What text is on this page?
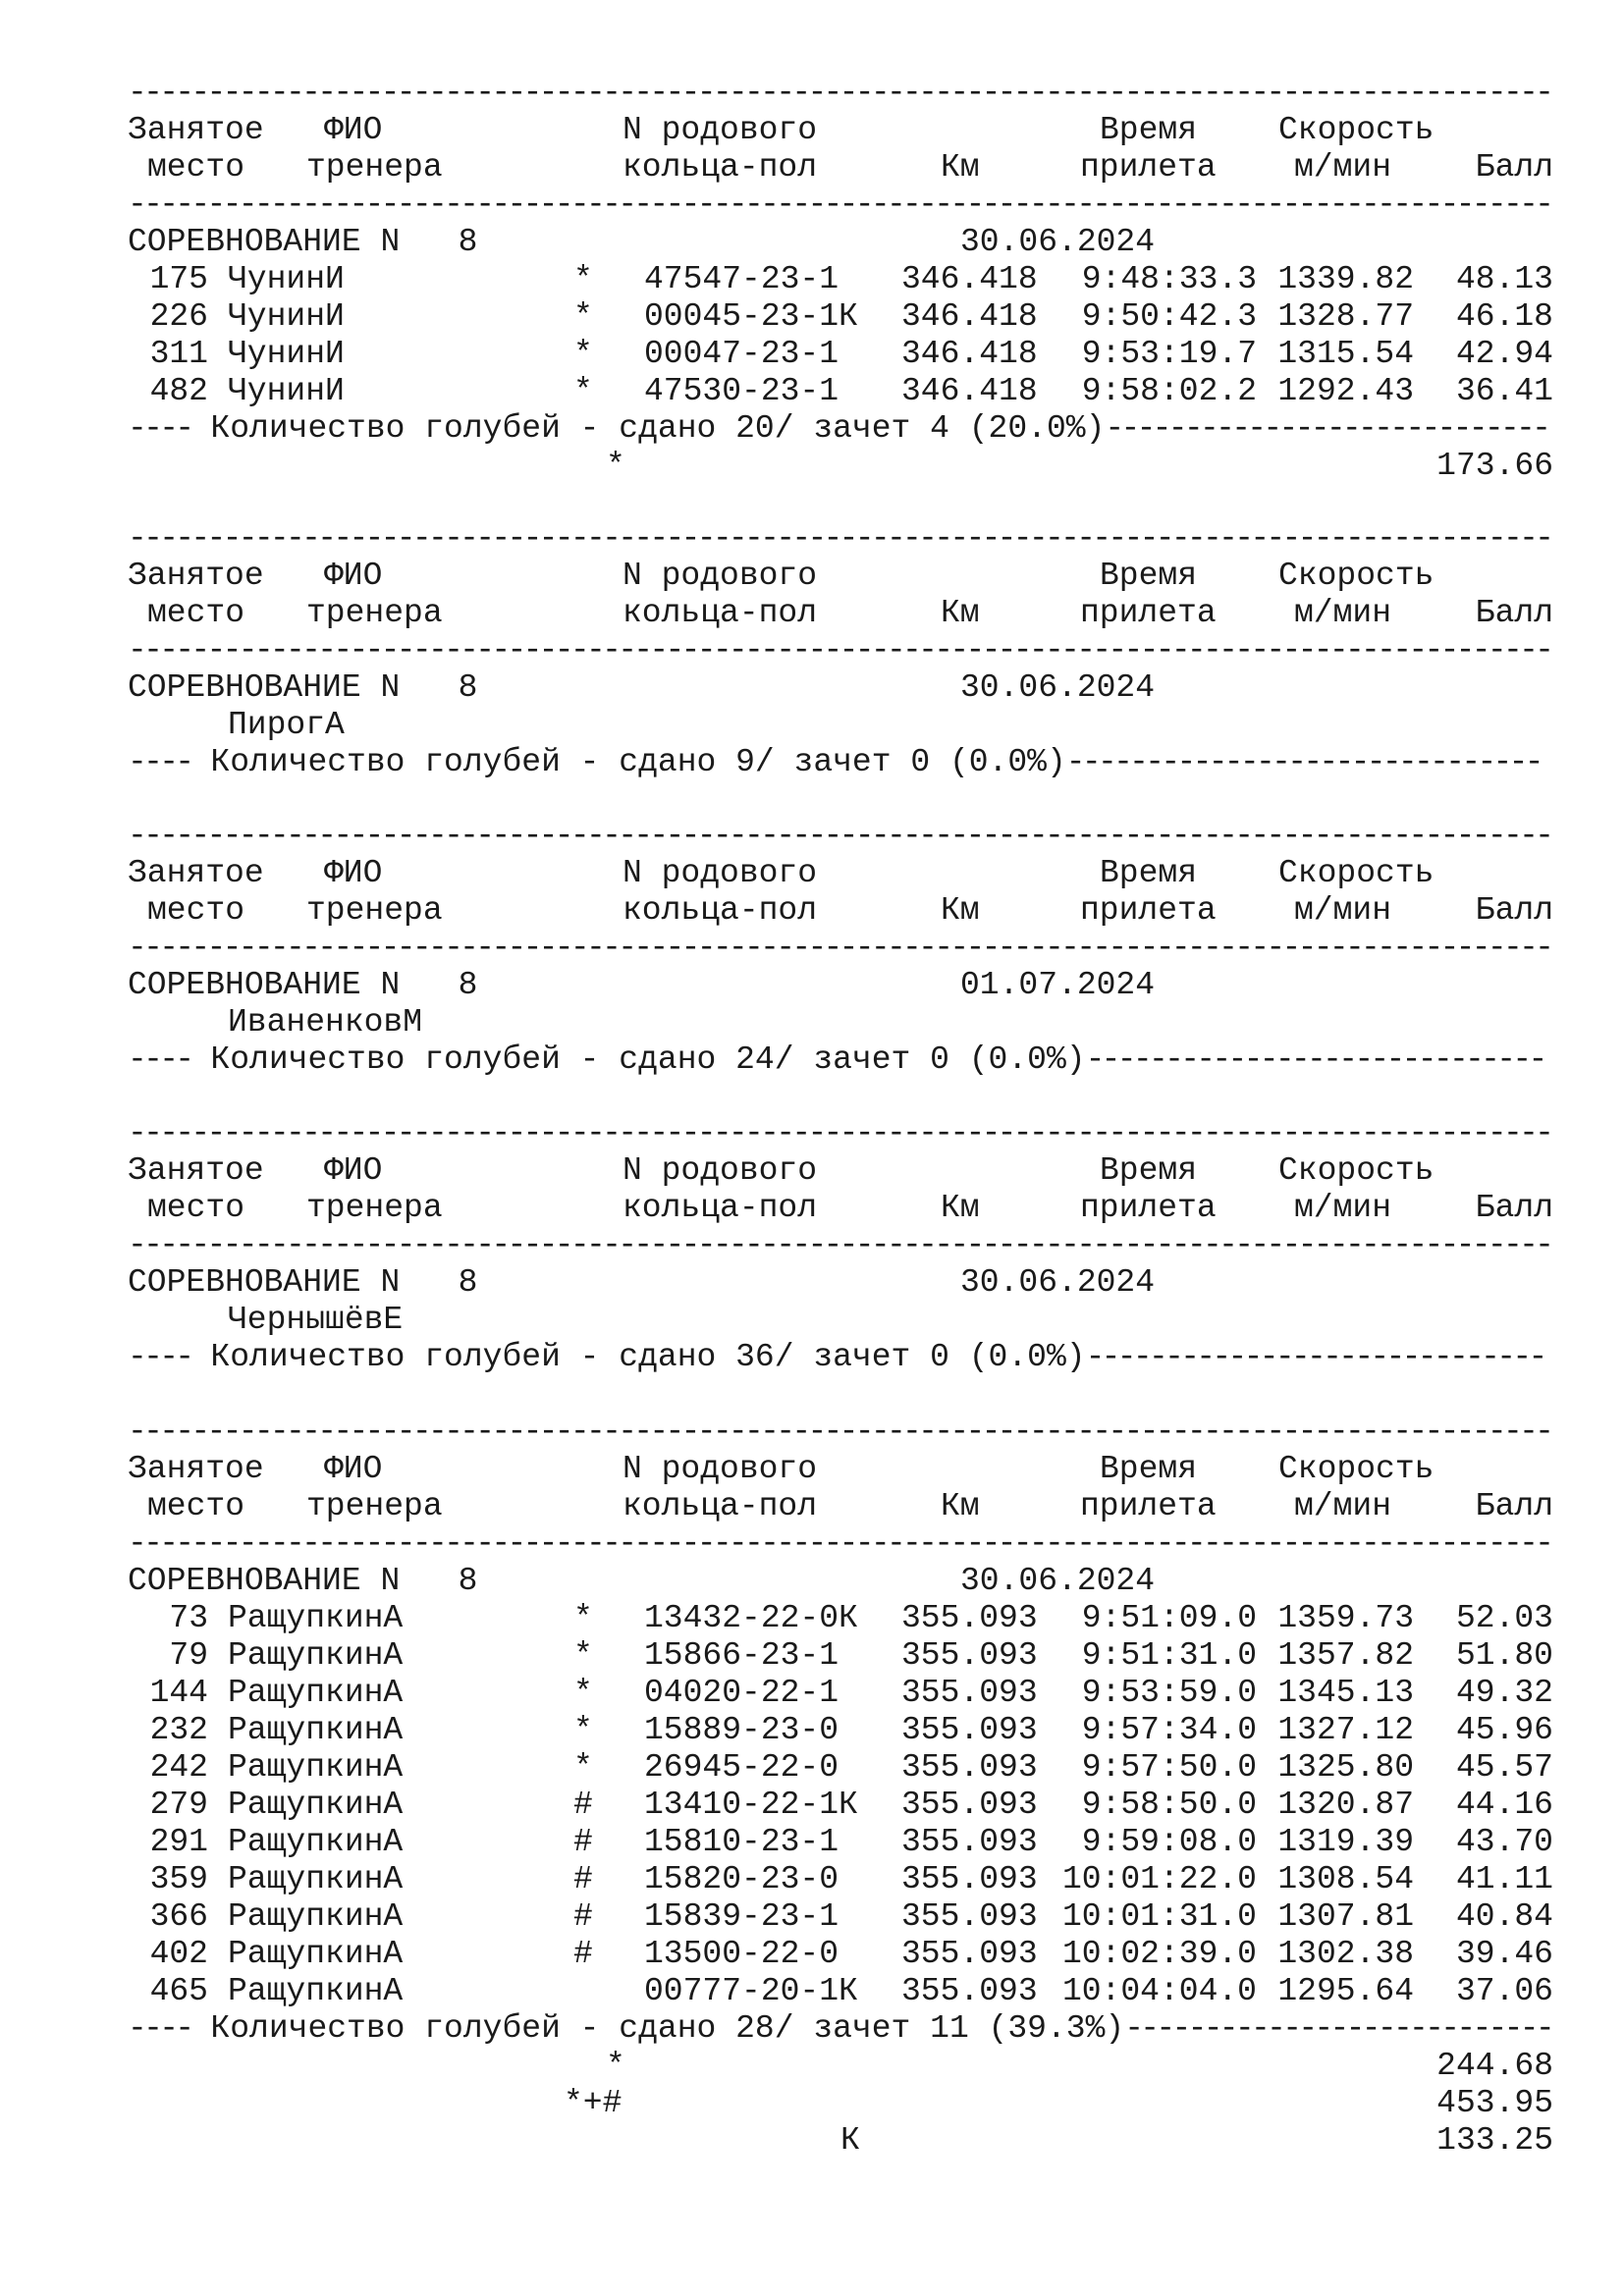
------------------------------------------------------------------------------------------
Занятое ФИО	N родового	Время	Скорость
место тренера	кольца-пол	Км	прилета м/мин	Балл
------------------------------------------------------------------------------------------
СОРЕВНОВАНИЕ N   8	30.06.2024
175 ЧунинИ	* 47547-23-1 346.418 9:48:33.3 1339.82 48.13
226 ЧунинИ	* 00045-23-1К 346.418 9:50:42.3 1328.77 46.18
311 ЧунинИ	* 00047-23-1 346.418 9:53:19.7 1315.54 42.94
482 ЧунинИ	* 47530-23-1 346.418 9:58:02.2 1292.43 36.41
---- Количество голубей - сдано 20/ зачет 4 (20.0%) ----------------------------
*	173.66
------------------------------------------------------------------------------------------
Занятое ФИО	N родового	Время	Скорость
место тренера	кольца-пол	Км	прилета м/мин	Балл
------------------------------------------------------------------------------------------
СОРЕВНОВАНИЕ N   8	30.06.2024
ПирогА
---- Количество голубей - сдано 9/ зачет 0 (0.0%) ------------------------------
------------------------------------------------------------------------------------------
Занятое ФИО	N родового	Время	Скорость
место тренера	кольца-пол	Км	прилета м/мин	Балл
------------------------------------------------------------------------------------------
СОРЕВНОВАНИЕ N   8	01.07.2024
ИваненковМ
---- Количество голубей - сдано 24/ зачет 0 (0.0%) -----------------------------
------------------------------------------------------------------------------------------
Занятое ФИО	N родового	Время	Скорость
место тренера	кольца-пол	Км	прилета м/мин	Балл
------------------------------------------------------------------------------------------
СОРЕВНОВАНИЕ N   8	30.06.2024
ЧернышёвЕ
---- Количество голубей - сдано 36/ зачет 0 (0.0%) -----------------------------
------------------------------------------------------------------------------------------
Занятое ФИО	N родового	Время	Скорость
место тренера	кольца-пол	Км	прилета м/мин	Балл
------------------------------------------------------------------------------------------
СОРЕВНОВАНИЕ N   8	30.06.2024
73 РащупкинА	* 13432-22-0К 355.093 9:51:09.0 1359.73 52.03
79 РащупкинА	* 15866-23-1 355.093 9:51:31.0 1357.82 51.80
144 РащупкинА	* 04020-22-1 355.093 9:53:59.0 1345.13 49.32
232 РащупкинА	* 15889-23-0 355.093 9:57:34.0 1327.12 45.96
242 РащупкинА	* 26945-22-0 355.093 9:57:50.0 1325.80 45.57
279 РащупкинА	# 13410-22-1К 355.093 9:58:50.0 1320.87 44.16
291 РащупкинА	# 15810-23-1 355.093 9:59:08.0 1319.39 43.70
359 РащупкинА	# 15820-23-0 355.093 10:01:22.0 1308.54 41.11
366 РащупкинА	# 15839-23-1 355.093 10:01:31.0 1307.81 40.84
402 РащупкинА	# 13500-22-0 355.093 10:02:39.0 1302.38 39.46
465 РащупкинА	00777-20-1К 355.093 10:04:04.0 1295.64 37.06
---- Количество голубей - сдано 28/ зачет 11 (39.3%) ---------------------------
*	244.68
*+#	453.95
К	133.25
